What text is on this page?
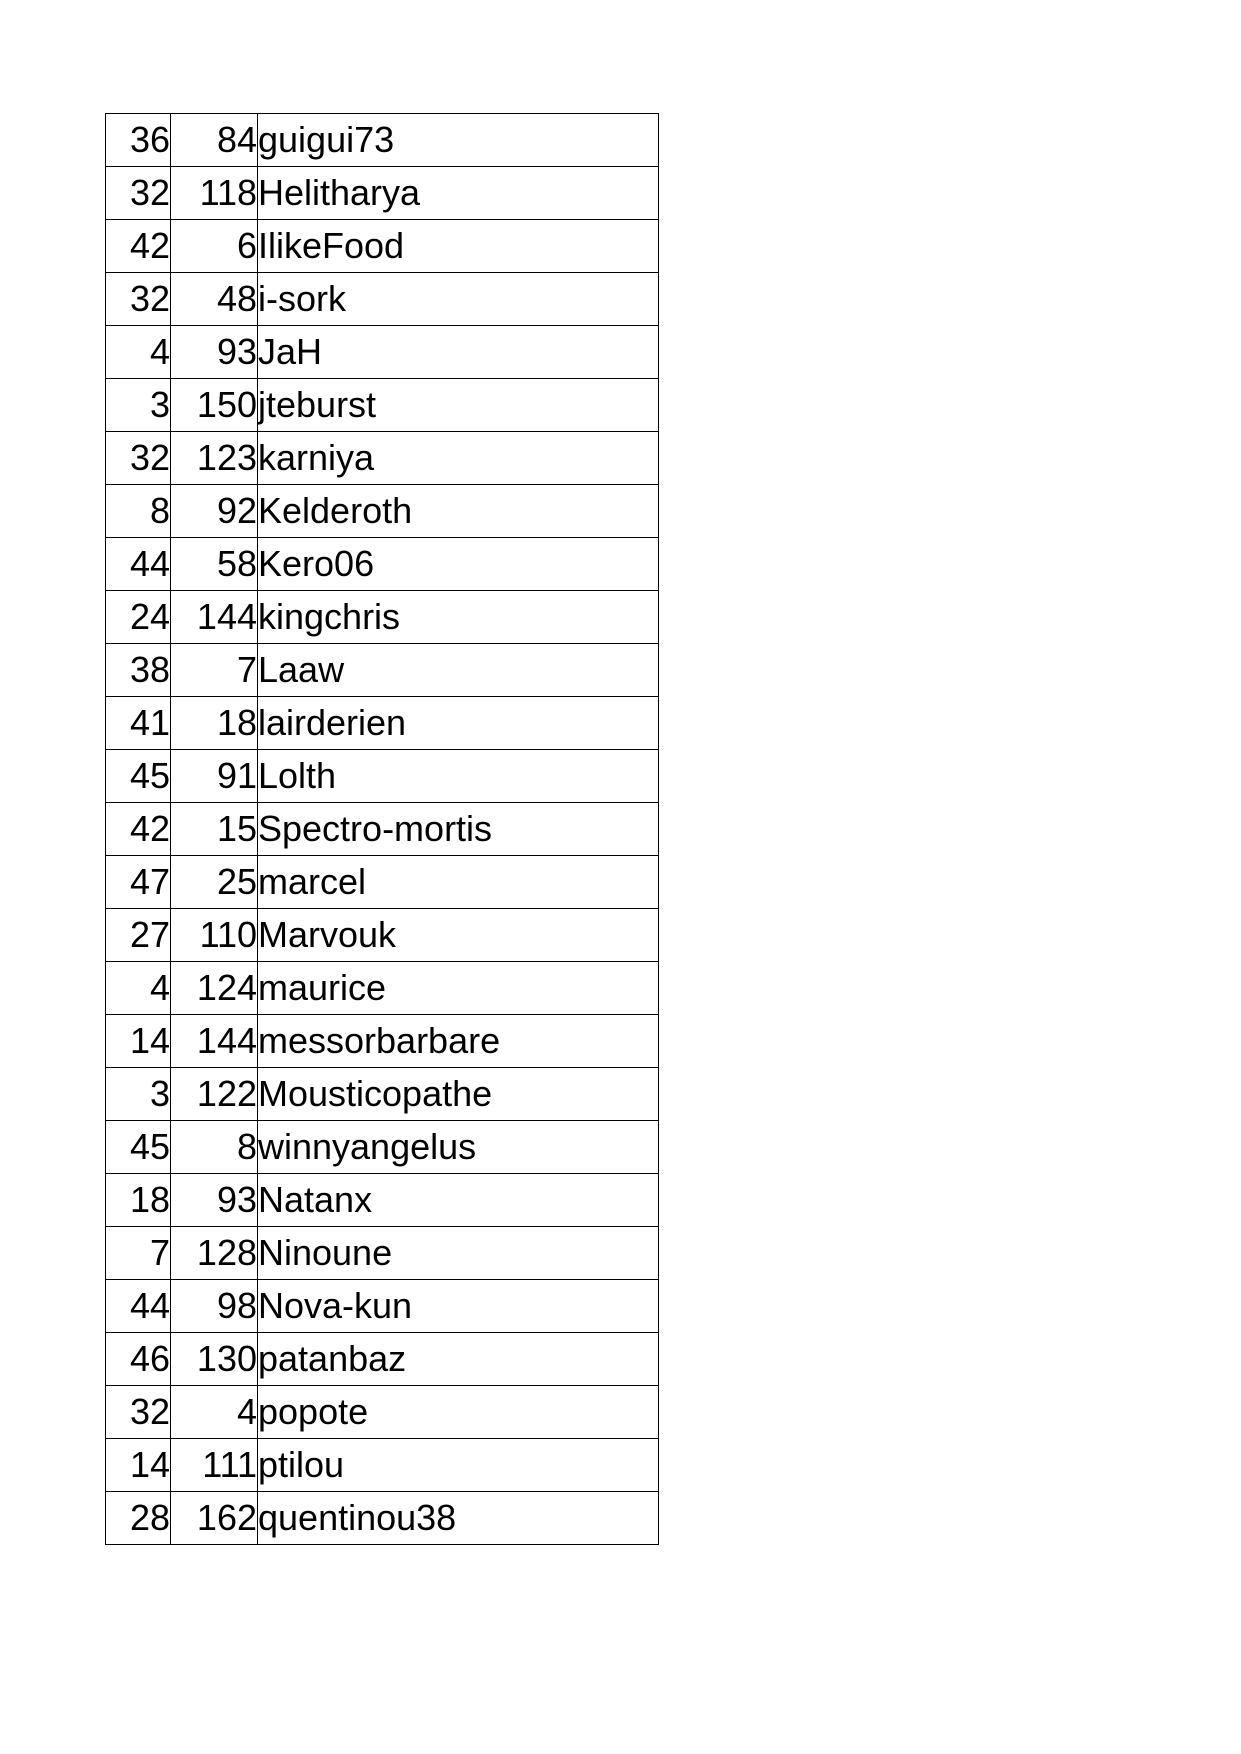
36	84	guigui73
32	118	Helitharya
42	6	IlikeFood
32	48	i-sork
4	93	JaH
3	150	jteburst
32	123	karniya
8	92	Kelderoth
44	58	Kero06
24	144	kingchris
38	7	Laaw
41	18	lairderien
45	91	Lolth
42	15	Spectro-mortis
47	25	marcel
27	110	Marvouk
4	124	maurice
14	144	messorbarbare
3	122	Mousticopathe
45	8	winnyangelus
18	93	Natanx
7	128	Ninoune
44	98	Nova-kun
46	130	patanbaz
32	4	popote
14	111	ptilou
28	162	quentinou38
